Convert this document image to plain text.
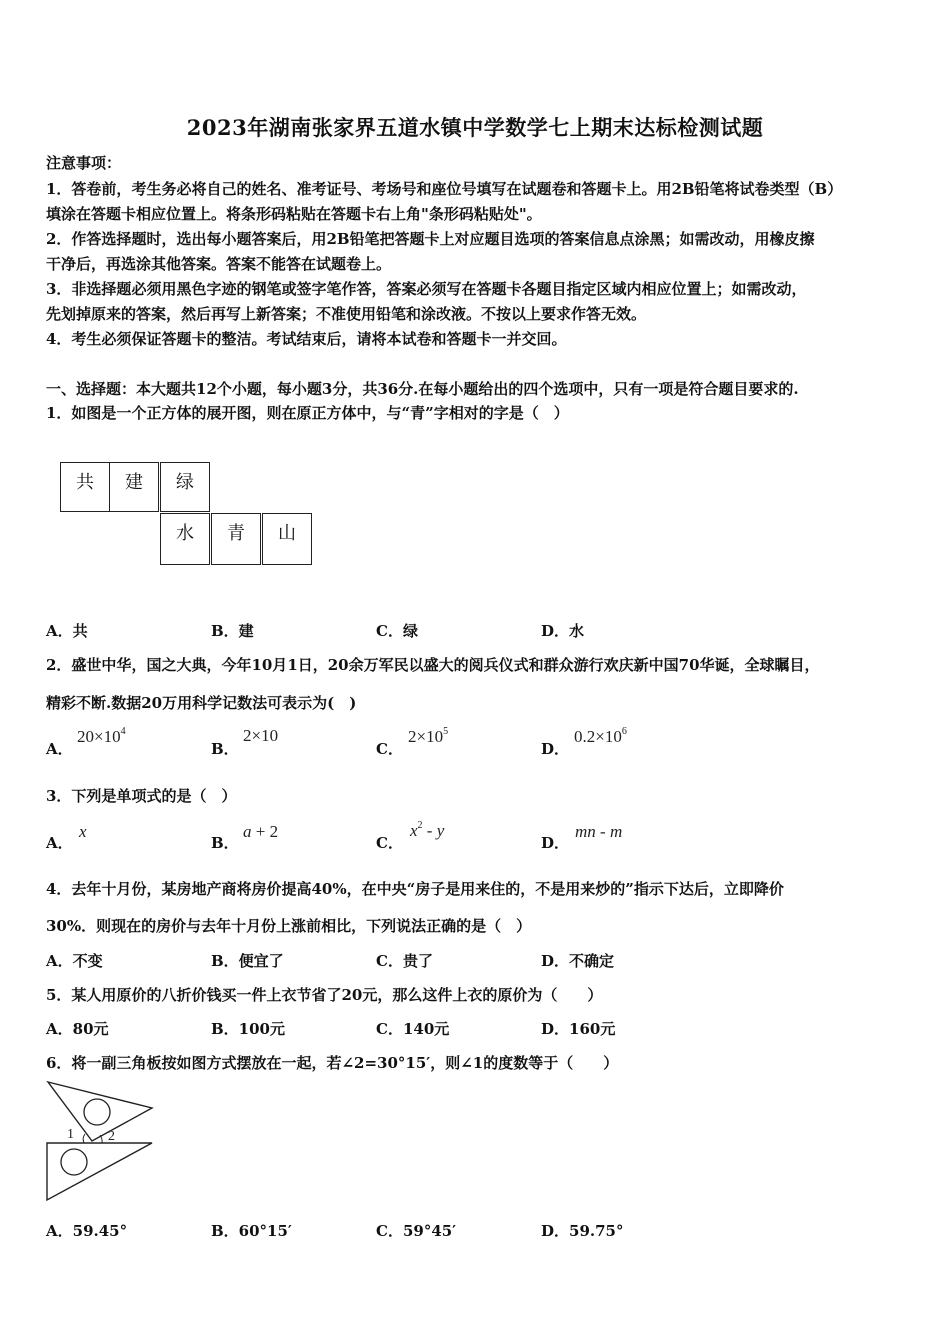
2023年湖南张家界五道水镇中学数学七上期末达标检测试题
注意事项：
1．答卷前，考生务必将自己的姓名、准考证号、考场号和座位号填写在试题卷和答题卡上。用2B铅笔将试卷类型（B）
填涂在答题卡相应位置上。将条形码粘贴在答题卡右上角"条形码粘贴处"。
2．作答选择题时，选出每小题答案后，用2B铅笔把答题卡上对应题目选项的答案信息点涂黑；如需改动，用橡皮擦
干净后，再选涂其他答案。答案不能答在试题卷上。
3．非选择题必须用黑色字迹的钢笔或签字笔作答，答案必须写在答题卡各题目指定区域内相应位置上；如需改动，
先划掉原来的答案，然后再写上新答案；不准使用铅笔和涂改液。不按以上要求作答无效。
4．考生必须保证答题卡的整洁。考试结束后，请将本试卷和答题卡一并交回。
一、选择题：本大题共12个小题，每小题3分，共36分.在每小题给出的四个选项中，只有一项是符合题目要求的.
1．如图是一个正方体的展开图，则在原正方体中，与“青”字相对的字是（　）
共	建	绿
水	青	山
A．共	B．建	C．绿	D．水
2．盛世中华，国之大典，今年10月1日，20余万军民以盛大的阅兵仪式和群众游行欢庆新中国70华诞，全球瞩目，
精彩不断.数据20万用科学记数法可表示为(　)
A．
$20\times 10^4$
B．
2×10
C．
$2\times 10^5$
D．
$0.2\times 10^6$
3．下列是单项式的是（　）
A．
x
B．
a + 2
C．
$x^2$ - y
D．
mn - m
4．去年十月份，某房地产商将房价提高40%，在中央“房子是用来住的，不是用来炒的”指示下达后，立即降价
30%．则现在的房价与去年十月份上涨前相比，下列说法正确的是（　）
A．不变	B．便宜了	C．贵了	D．不确定
5．某人用原价的八折价钱买一件上衣节省了20元，那么这件上衣的原价为（　　）
A．80元	B．100元	C．140元	D．160元
6．将一副三角板按如图方式摆放在一起，若∠2=30°15′，则∠1的度数等于（　　）
1 2
A．59.45°	B．60°15′	C．59°45′	D．59.75°
